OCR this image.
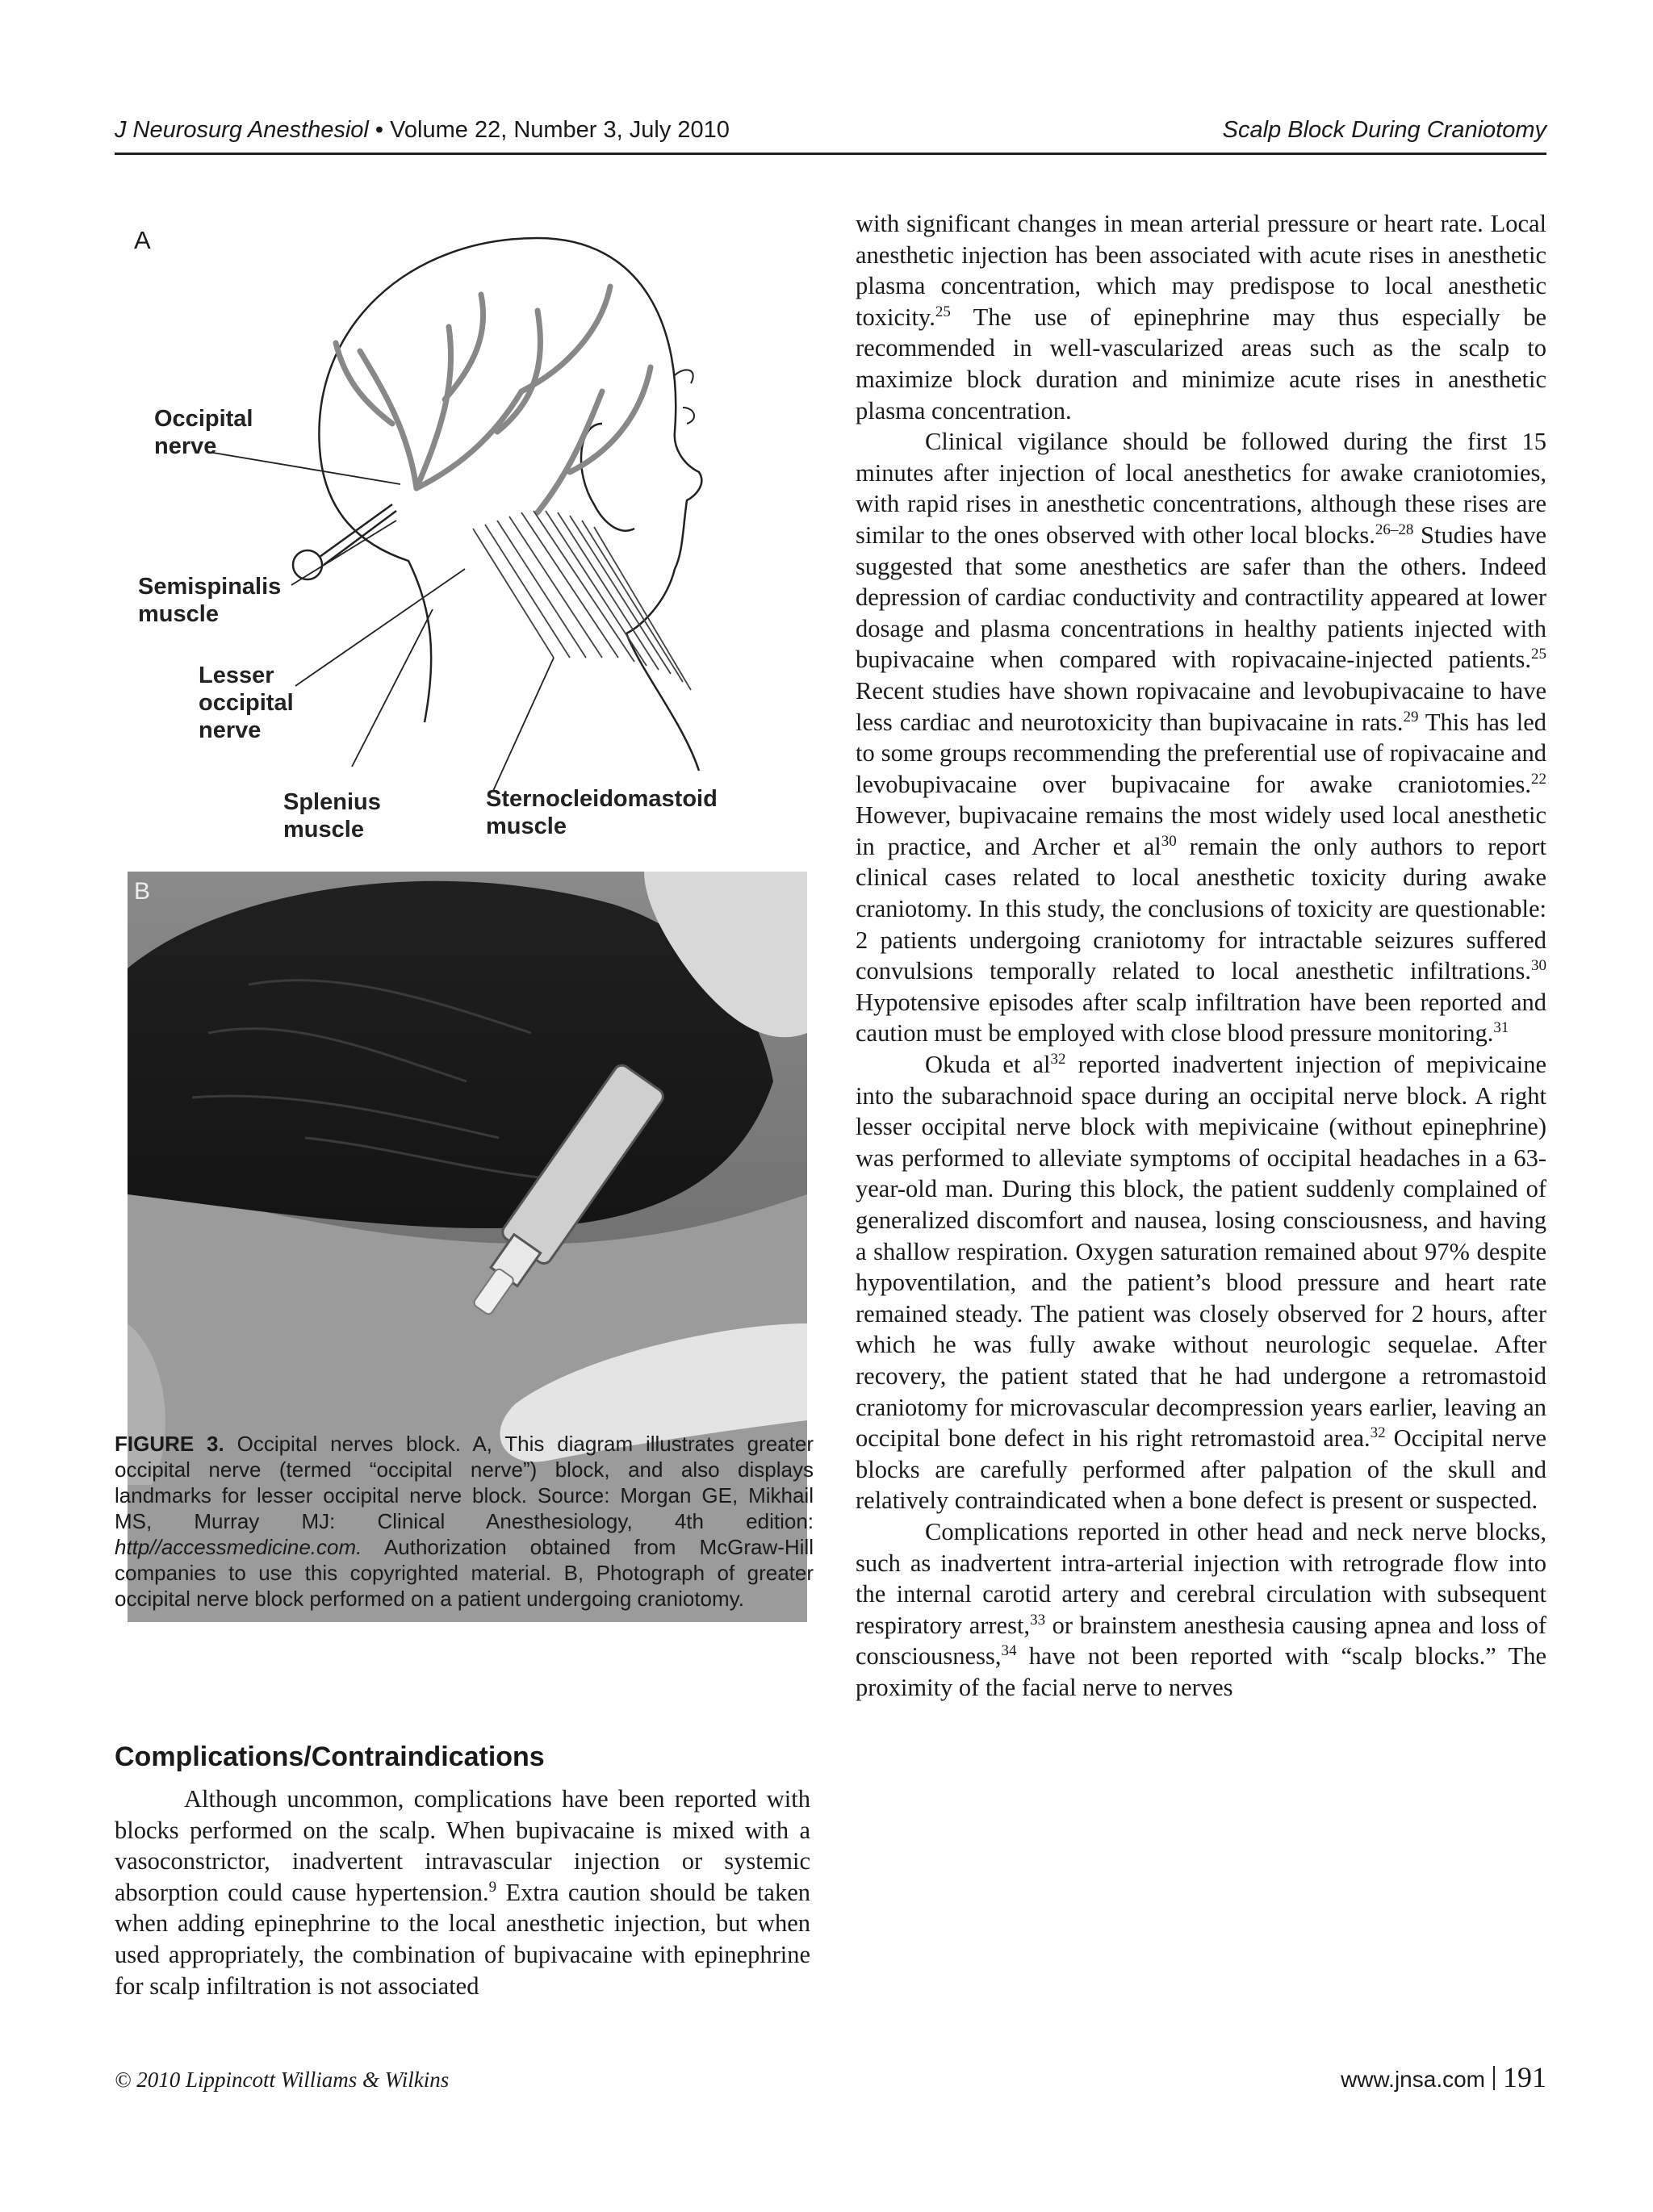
J Neurosurg Anesthesiol • Volume 22, Number 3, July 2010	Scalp Block During Craniotomy
A
Occipital
nerve
Semispinalis
muscle
Lesser
occipital
nerve
Splenius
muscle
Sternocleidomastoid
muscle
B
FIGURE 3. Occipital nerves block. A, This diagram illustrates greater occipital nerve (termed “occipital nerve”) block, and also displays landmarks for lesser occipital nerve block. Source: Morgan GE, Mikhail MS, Murray MJ: Clinical Anesthesiology, 4th edition: http//accessmedicine.com. Authorization obtained from McGraw-Hill companies to use this copyrighted material. B, Photograph of greater occipital nerve block performed on a patient undergoing craniotomy.
Complications/Contraindications

Although uncommon, complications have been reported with blocks performed on the scalp. When bupivacaine is mixed with a vasoconstrictor, inadvertent intravascular injection or systemic absorption could cause hypertension.$^9$ Extra caution should be taken when adding epinephrine to the local anesthetic injection, but when used appropriately, the combination of bupivacaine with epinephrine for scalp infiltration is not associated

with significant changes in mean arterial pressure or heart rate. Local anesthetic injection has been associated with acute rises in anesthetic plasma concentration, which may predispose to local anesthetic toxicity.$^{25}$ The use of epinephrine may thus especially be recommended in well-vascularized areas such as the scalp to maximize block duration and minimize acute rises in anesthetic plasma concentration.

Clinical vigilance should be followed during the first 15 minutes after injection of local anesthetics for awake craniotomies, with rapid rises in anesthetic concentrations, although these rises are similar to the ones observed with other local blocks.$^{26-28}$ Studies have suggested that some anesthetics are safer than the others. Indeed depression of cardiac conductivity and contractility appeared at lower dosage and plasma concentrations in healthy patients injected with bupivacaine when compared with ropivacaine-injected patients.$^{25}$ Recent studies have shown ropivacaine and levobupivacaine to have less cardiac and neurotoxicity than bupivacaine in rats.$^{29}$ This has led to some groups recommending the preferential use of ropivacaine and levobupivacaine over bupivacaine for awake craniotomies.$^{22}$ However, bupivacaine remains the most widely used local anesthetic in practice, and Archer et $al^{30}$ remain the only authors to report clinical cases related to local anesthetic toxicity during awake craniotomy. In this study, the conclusions of toxicity are questionable: 2 patients undergoing craniotomy for intractable seizures suffered convulsions temporally related to local anesthetic infiltrations.$^{30}$ Hypotensive episodes after scalp infiltration have been reported and caution must be employed with close blood pressure monitoring.$^{31}$

Okuda et $al^{32}$ reported inadvertent injection of mepivicaine into the subarachnoid space during an occipital nerve block. A right lesser occipital nerve block with mepivicaine (without epinephrine) was performed to alleviate symptoms of occipital headaches in a 63-year-old man. During this block, the patient suddenly complained of generalized discomfort and nausea, losing consciousness, and having a shallow respiration. Oxygen saturation remained about 97% despite hypoventilation, and the patient’s blood pressure and heart rate remained steady. The patient was closely observed for 2 hours, after which he was fully awake without neurologic sequelae. After recovery, the patient stated that he had undergone a retromastoid craniotomy for microvascular decompression years earlier, leaving an occipital bone defect in his right retromastoid area.$^{32}$ Occipital nerve blocks are carefully performed after palpation of the skull and relatively contraindicated when a bone defect is present or suspected.

Complications reported in other head and neck nerve blocks, such as inadvertent intra-arterial injection with retrograde flow into the internal carotid artery and cerebral circulation with subsequent respiratory arrest,$^{33}$ or brainstem anesthesia causing apnea and loss of consciousness,$^{34}$ have not been reported with “scalp blocks.” The proximity of the facial nerve to nerves

© 2010 Lippincott Williams & Wilkins	www.jnsa.com 191
